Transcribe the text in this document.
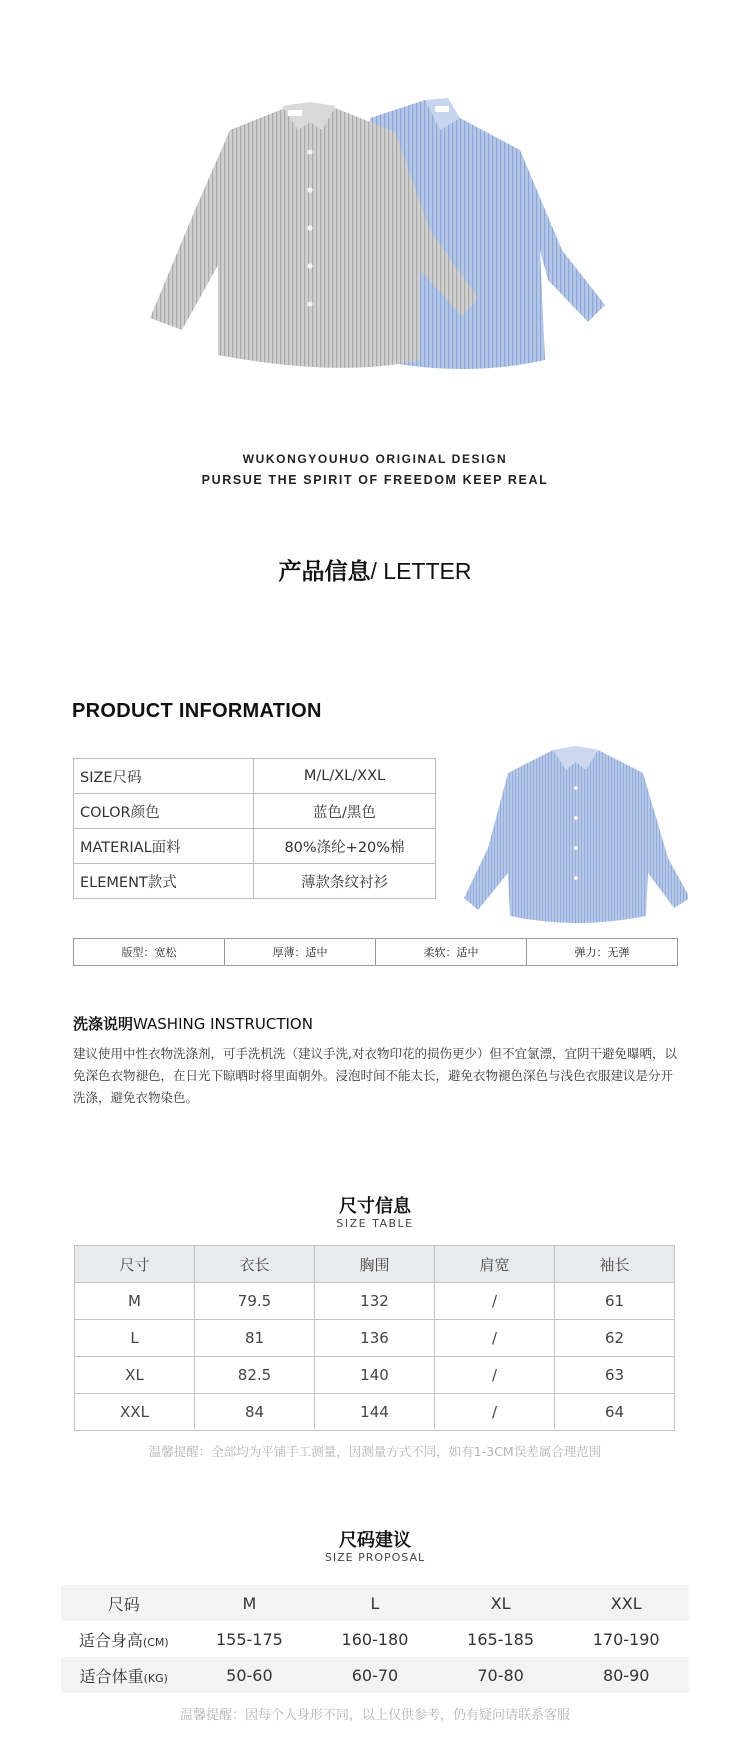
WUKONGYOUHUO ORIGINAL DESIGN
PURSUE THE SPIRIT OF FREEDOM KEEP REAL
产品信息/ LETTER
PRODUCT INFORMATION
SIZE尺码	M/L/XL/XXL
COLOR颜色	蓝色/黑色
MATERIAL面料	80%涤纶+20%棉
ELEMENT款式	薄款条纹衬衫
版型：宽松	厚薄：适中	柔软：适中	弹力：无弹
洗涤说明WASHING INSTRUCTION
建议使用中性衣物洗涤剂，可手洗机洗（建议手洗,对衣物印花的损伤更少）但不宜氯漂，宜阴干避免曝晒，以免深色衣物褪色，在日光下晾晒时将里面朝外。浸泡时间不能太长，避免衣物褪色深色与浅色衣服建议是分开洗涤，避免衣物染色。
尺寸信息
SIZE TABLE
尺寸	衣长	胸围	肩宽	袖长
M	79.5	132	/	61
L	81	136	/	62
XL	82.5	140	/	63
XXL	84	144	/	64
温馨提醒：全部均为平铺手工测量，因测量方式不同，如有1-3CM误差属合理范围
尺码建议
SIZE PROPOSAL
尺码	M	L	XL	XXL
适合身高(CM)	155-175	160-180	165-185	170-190
适合体重(KG)	50-60	60-70	70-80	80-90
温馨提醒：因每个人身形不同，以上仅供参考，仍有疑问请联系客服
